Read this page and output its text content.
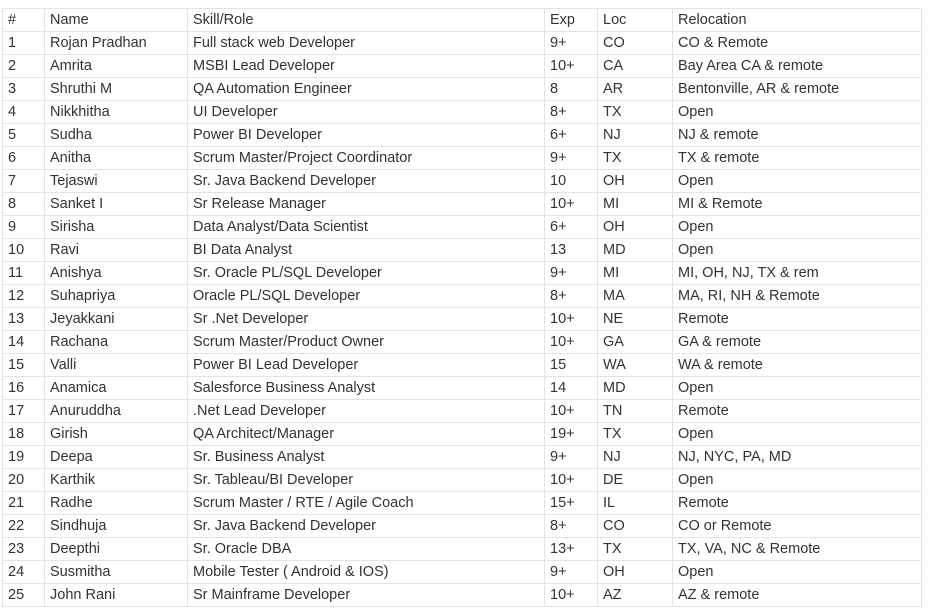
#	Name	Skill/Role	Exp	Loc	Relocation
1	Rojan Pradhan	Full stack web Developer	9+	CO	CO & Remote
2	Amrita	MSBI Lead Developer	10+	CA	Bay Area CA & remote
3	Shruthi M	QA Automation Engineer	8	AR	Bentonville, AR & remote
4	Nikkhitha	UI Developer	8+	TX	Open
5	Sudha	Power BI Developer	6+	NJ	NJ & remote
6	Anitha	Scrum Master/Project Coordinator	9+	TX	TX & remote
7	Tejaswi	Sr. Java Backend Developer	10	OH	Open
8	Sanket I	Sr Release Manager	10+	MI	MI & Remote
9	Sirisha	Data Analyst/Data Scientist	6+	OH	Open
10	Ravi	BI Data Analyst	13	MD	Open
11	Anishya	Sr. Oracle PL/SQL Developer	9+	MI	MI, OH, NJ, TX & rem
12	Suhapriya	Oracle PL/SQL Developer	8+	MA	MA, RI, NH & Remote
13	Jeyakkani	Sr .Net Developer	10+	NE	Remote
14	Rachana	Scrum Master/Product Owner	10+	GA	GA & remote
15	Valli	Power BI Lead Developer	15	WA	WA & remote
16	Anamica	Salesforce Business Analyst	14	MD	Open
17	Anuruddha	.Net Lead Developer	10+	TN	Remote
18	Girish	QA Architect/Manager	19+	TX	Open
19	Deepa	Sr. Business Analyst	9+	NJ	NJ, NYC, PA, MD
20	Karthik	Sr. Tableau/BI Developer	10+	DE	Open
21	Radhe	Scrum Master / RTE / Agile Coach	15+	IL	Remote
22	Sindhuja	Sr. Java Backend Developer	8+	CO	CO or Remote
23	Deepthi	Sr. Oracle DBA	13+	TX	TX, VA, NC & Remote
24	Susmitha	Mobile Tester ( Android & IOS)	9+	OH	Open
25	John Rani	Sr Mainframe Developer	10+	AZ	AZ & remote
